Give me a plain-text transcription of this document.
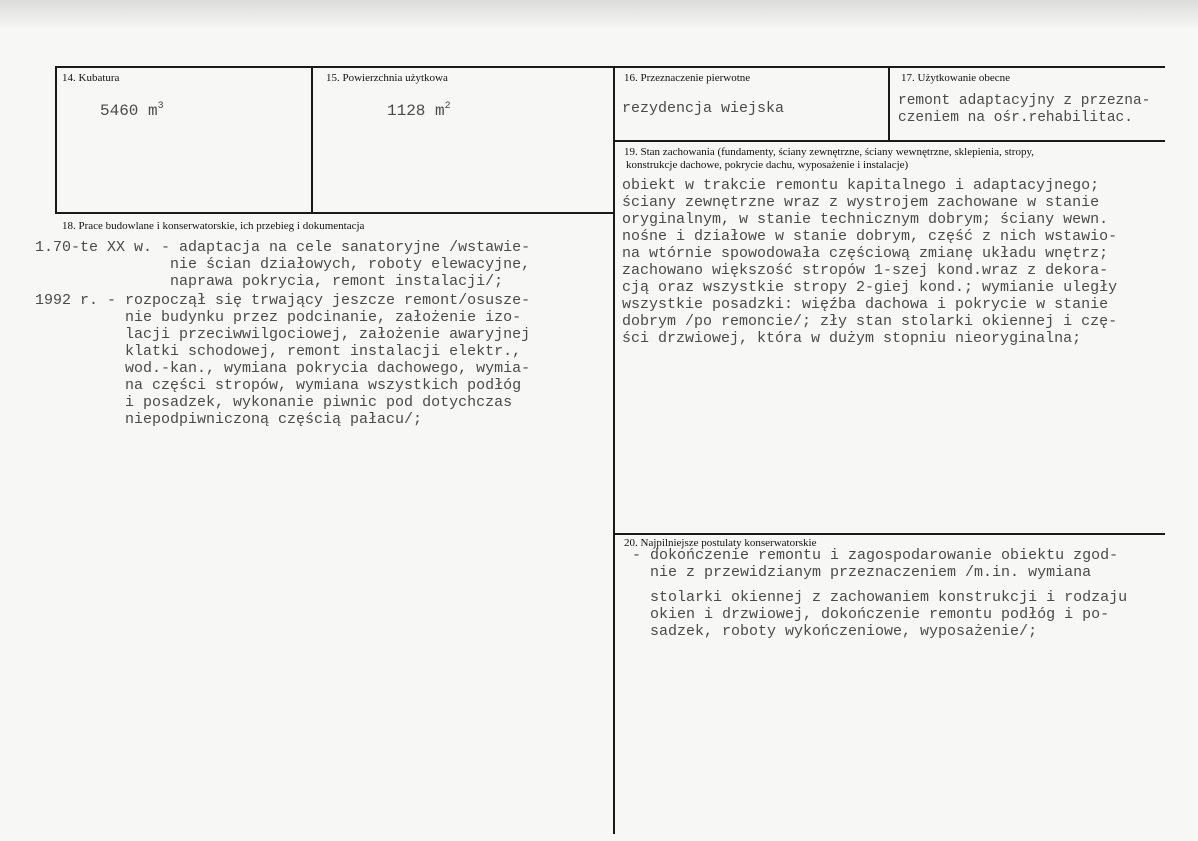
14. Kubatura
5460 $m^3$
15. Powierzchnia użytkowa
1128 $m^2$
16. Przeznaczenie pierwotne
rezydencja wiejska
17. Użytkowanie obecne
remont adaptacyjny z przezna-
czeniem na ośr.rehabilitac.
19. Stan zachowania (fundamenty, ściany zewnętrzne, ściany wewnętrzne, sklepienia, stropy,
konstrukcje dachowe, pokrycie dachu, wyposażenie i instalacje)
obiekt w trakcie remontu kapitalnego i adaptacyjnego;
ściany zewnętrzne wraz z wystrojem zachowane w stanie
oryginalnym, w stanie technicznym dobrym; ściany wewn.
nośne i działowe w stanie dobrym, część z nich wstawio-
na wtórnie spowodowała częściową zmianę układu wnętrz;
zachowano większość stropów 1-szej kond.wraz z dekora-
cją oraz wszystkie stropy 2-giej kond.; wymianie uległy
wszystkie posadzki: więźba dachowa i pokrycie w stanie
dobrym /po remoncie/; zły stan stolarki okiennej i czę-
ści drzwiowej, która w dużym stopniu nieoryginalna;
18. Prace budowlane i konserwatorskie, ich przebieg i dokumentacja
1.70-te XX w. - adaptacja na cele sanatoryjne /wstawie-
nie ścian działowych, roboty elewacyjne,
naprawa pokrycia, remont instalacji/;
1992 r. - rozpoczął się trwający jeszcze remont/osusze-
nie budynku przez podcinanie, założenie izo-
lacji przeciwwilgociowej, założenie awaryjnej
klatki schodowej, remont instalacji elektr.,
wod.-kan., wymiana pokrycia dachowego, wymia-
na części stropów, wymiana wszystkich podłóg
i posadzek, wykonanie piwnic pod dotychczas
niepodpiwniczoną częścią pałacu/;
20. Najpilniejsze postulaty konserwatorskie
- dokończenie remontu i zagospodarowanie obiektu zgod-
nie z przewidzianym przeznaczeniem /m.in. wymiana
stolarki okiennej z zachowaniem konstrukcji i rodzaju
okien i drzwiowej, dokończenie remontu podłóg i po-
sadzek, roboty wykończeniowe, wyposażenie/;
